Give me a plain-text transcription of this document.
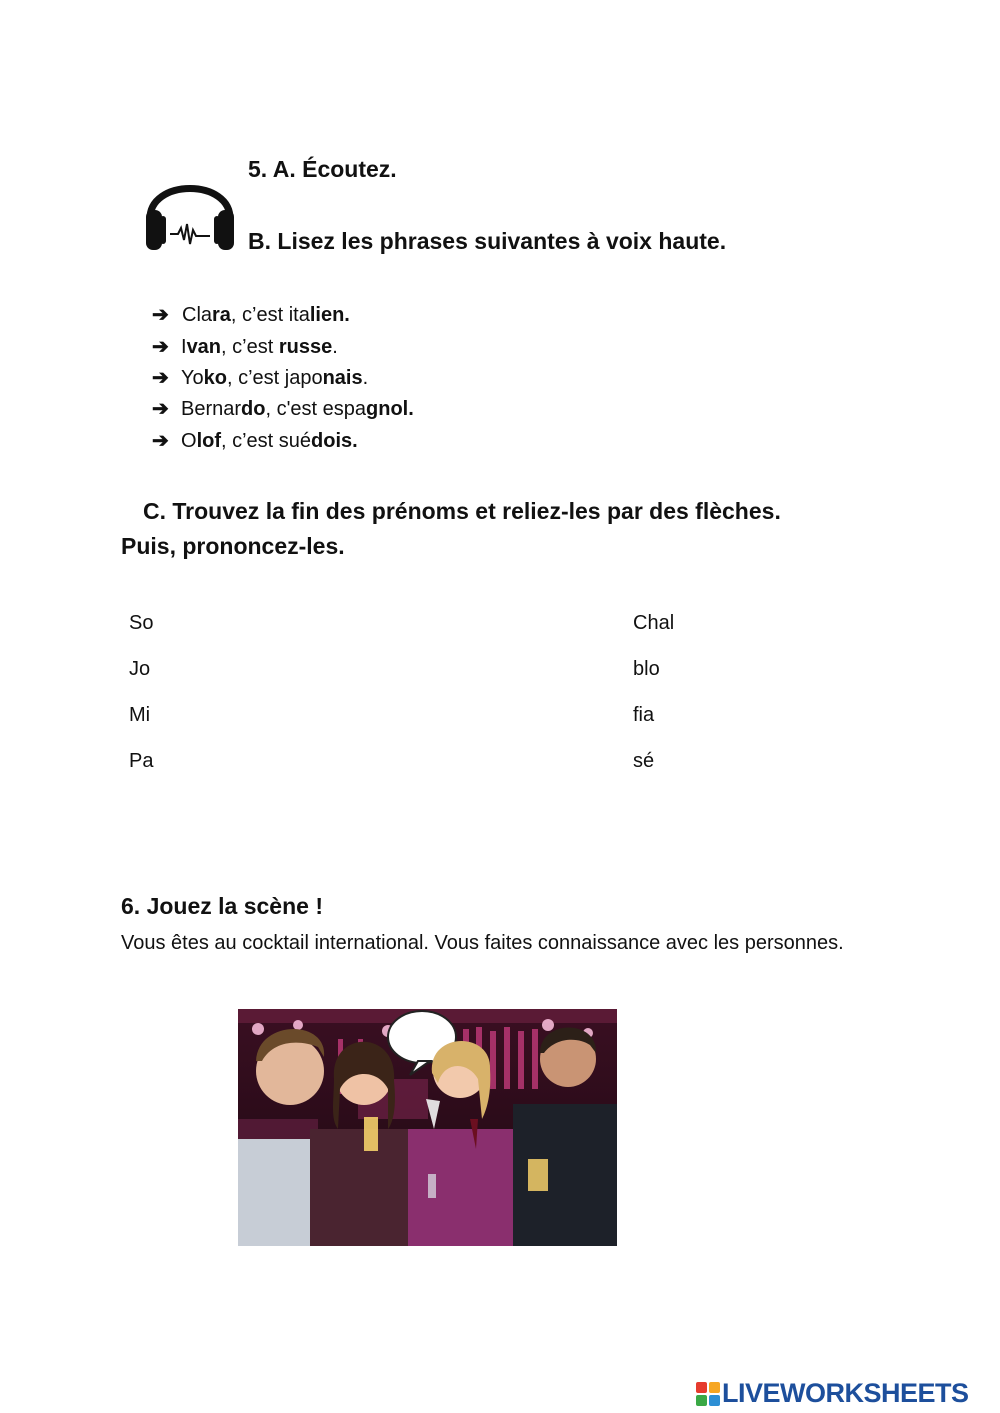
5. A. Écoutez.
B. Lisez les phrases suivantes à voix haute.
➔ Clara, c’est italien.
➔ Ivan, c’est russe.
➔ Yoko, c’est japonais.
➔ Bernardo, c'est espagnol.
➔ Olof, c’est suédois.
C. Trouvez la fin des prénoms et reliez-les par des flèches. Puis, prononcez-les.
So
Jo
Mi
Pa
Chal
blo
fia
sé
6. Jouez la scène !
Vous êtes au cocktail international. Vous faites connaissance avec les personnes.
LIVEWORKSHEETS
